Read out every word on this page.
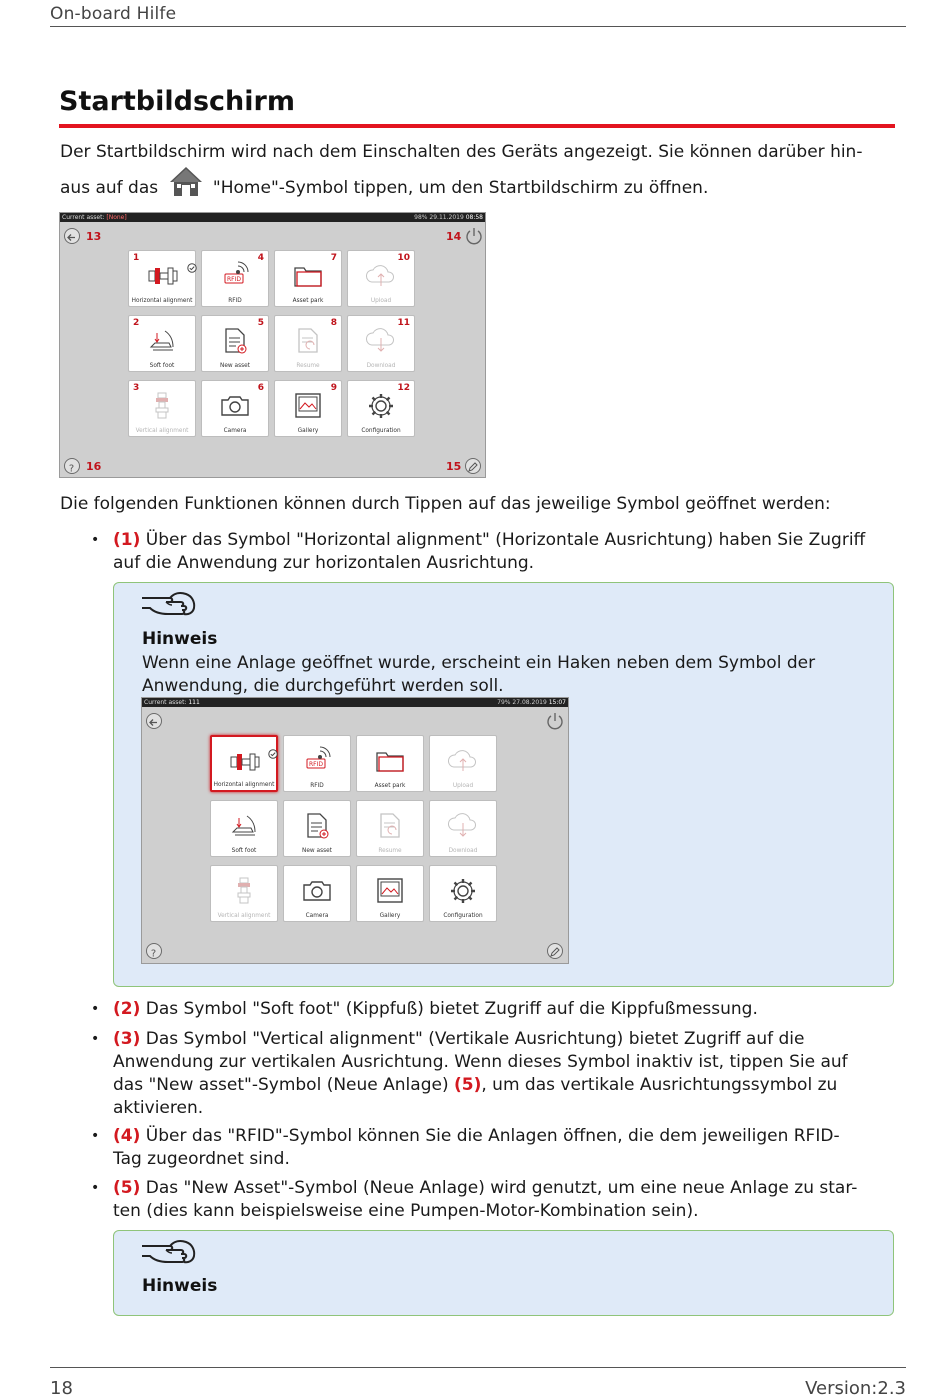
On-board Hilfe
Startbildschirm
Der Startbildschirm wird nach dem Einschalten des Geräts angezeigt. Sie können darüber hin-
aus auf das	"Home"-Symbol tippen, um den Startbildschirm zu öffnen.
Current asset: [None]	98% 29.11.2019 08:58
13	14
? 16	15
1
Horizontal alignment
RFID
4
RFID
7
Asset park
10
Upload
2
Soft foot
5
New asset
8
Resume
11
Download
3
Vertical alignment
6
Camera
9
Gallery
12
Configuration
Die folgenden Funktionen können durch Tippen auf das jeweilige Symbol geöffnet werden:
• (1) Über das Symbol "Horizontal alignment" (Horizontale Ausrichtung) haben Sie Zugriff
auf die Anwendung zur horizontalen Ausrichtung.
Hinweis
Wenn eine Anlage geöffnet wurde, erscheint ein Haken neben dem Symbol der
Anwendung, die durchgeführt werden soll.
Current asset: 111	79% 27.08.2019 15:07
?
Horizontal alignment
RFID
RFID	Asset park	Upload
Soft foot	New asset	Resume	Download
Vertical alignment	Camera	Gallery	Configuration
• (2) Das Symbol "Soft foot" (Kippfuß) bietet Zugriff auf die Kippfußmessung.
• (3) Das Symbol "Vertical alignment" (Vertikale Ausrichtung) bietet Zugriff auf die
Anwendung zur vertikalen Ausrichtung. Wenn dieses Symbol inaktiv ist, tippen Sie auf
das "New asset"-Symbol (Neue Anlage) (5), um das vertikale Ausrichtungssymbol zu
aktivieren.
• (4) Über das "RFID"-Symbol können Sie die Anlagen öffnen, die dem jeweiligen RFID-
Tag zugeordnet sind.
• (5) Das "New Asset"-Symbol (Neue Anlage) wird genutzt, um eine neue Anlage zu star-
ten (dies kann beispielsweise eine Pumpen-Motor-Kombination sein).
Hinweis
18	Version:2.3
